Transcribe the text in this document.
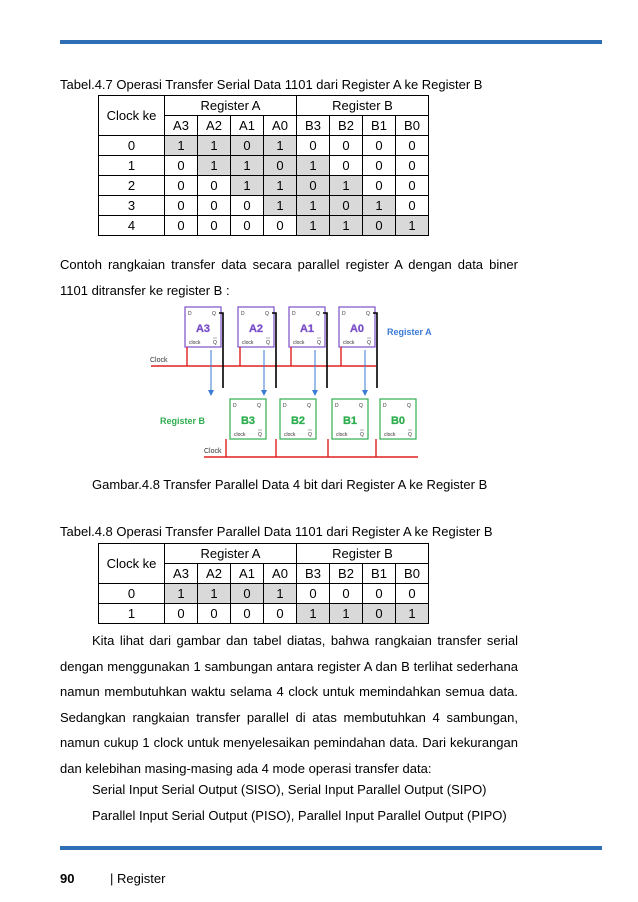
Tabel.4.7 Operasi Transfer Serial Data 1101 dari Register A ke Register B
Clock ke	Register A				Register B			
	A3	A2	A1	A0	B3	B2	B1	B0
0	1	1	0	1	0	0	0	0
1	0	1	1	0	1	0	0	0
2	0	0	1	1	0	1	0	0
3	0	0	0	1	1	0	1	0
4	0	0	0	0	1	1	0	1
Contoh rangkaian transfer data secara parallel register A dengan data biner
1101 ditransfer ke register B :
D	Q
A3
clock	Q
D	Q
A2
clock	Q
D	Q
A1
clock	Q
D	Q
A0
clock	Q
D	Q
B3
clock	Q
D	Q
B2
clock	Q
D	Q
B1
clock	Q
D	Q
B0
clock	Q
Clock
Clock
Register A
Register B
Gambar.4.8 Transfer Parallel Data 4 bit dari Register A ke Register B
Tabel.4.8 Operasi Transfer Parallel Data 1101 dari Register A ke Register B
Clock ke	Register A				Register B			
	A3	A2	A1	A0	B3	B2	B1	B0
0	1	1	0	1	0	0	0	0
1	0	0	0	0	1	1	0	1
Kita lihat dari gambar dan tabel diatas, bahwa rangkaian transfer serial
dengan menggunakan 1 sambungan antara register A dan B terlihat sederhana
namun membutuhkan waktu selama 4 clock untuk memindahkan semua data.
Sedangkan rangkaian transfer parallel di atas membutuhkan 4 sambungan,
namun cukup 1 clock untuk menyelesaikan pemindahan data. Dari kekurangan
dan kelebihan masing-masing ada 4 mode operasi transfer data:
Serial Input Serial Output (SISO), Serial Input Parallel Output (SIPO)
Parallel Input Serial Output (PISO), Parallel Input Parallel Output (PIPO)
90	| Register
